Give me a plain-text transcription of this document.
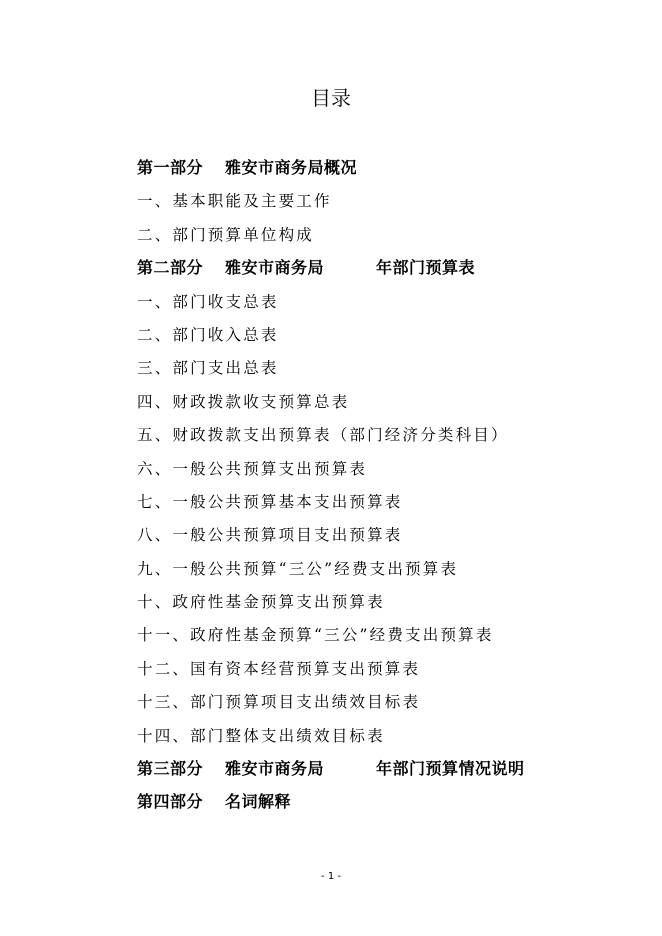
目录
第一部分 雅安市商务局概况
一、基本职能及主要工作
二、部门预算单位构成
第二部分 雅安市商务局	年部门预算表
一、部门收支总表
二、部门收入总表
三、部门支出总表
四、财政拨款收支预算总表
五、财政拨款支出预算表（部门经济分类科目）
六、一般公共预算支出预算表
七、一般公共预算基本支出预算表
八、一般公共预算项目支出预算表
九、一般公共预算“三公”经费支出预算表
十、政府性基金预算支出预算表
十一、政府性基金预算“三公”经费支出预算表
十二、国有资本经营预算支出预算表
十三、部门预算项目支出绩效目标表
十四、部门整体支出绩效目标表
第三部分 雅安市商务局	年部门预算情况说明
第四部分 名词解释
- 1 -
